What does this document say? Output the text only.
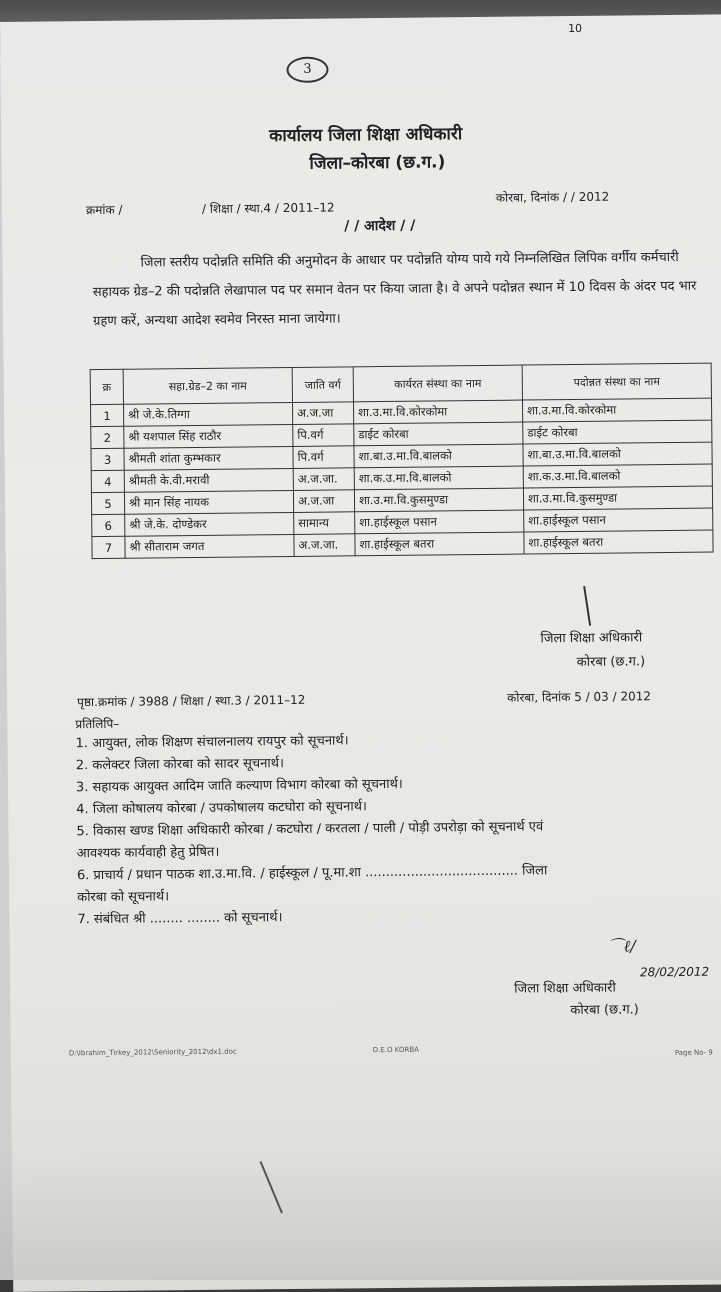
10
3
कार्यालय जिला शिक्षा अधिकारी
जिला–कोरबा (छ.ग.)
क्रमांक /	/ शिक्षा / स्था.4 / 2011–12
कोरबा, दिनांक / / 2012
/ / आदेश / /
जिला स्तरीय पदोन्नति समिति की अनुमोदन के आधार पर पदोन्नति योग्य पाये गये निम्नलिखित लिपिक वर्गीय कर्मचारी सहायक ग्रेड–2 की पदोन्नति लेखापाल पद पर समान वेतन पर किया जाता है। वे अपने पदोन्नत स्थान में 10 दिवस के अंदर पद भार ग्रहण करें, अन्यथा आदेश स्वमेव निरस्त माना जायेगा।
क्र	सहा.ग्रेड–2 का नाम	जाति वर्ग	कार्यरत संस्था का नाम	पदोन्नत संस्था का नाम
1	श्री जे.के.तिग्गा	अ.ज.जा	शा.उ.मा.वि.कोरकोमा	शा.उ.मा.वि.कोरकोमा
2	श्री यशपाल सिंह राठौर	पि.वर्ग	डाईट कोरबा	डाईट कोरबा
3	श्रीमती शांता कुम्भकार	पि.वर्ग	शा.बा.उ.मा.वि.बालको	शा.बा.उ.मा.वि.बालको
4	श्रीमती के.वी.मरावी	अ.ज.जा.	शा.क.उ.मा.वि.बालको	शा.क.उ.मा.वि.बालको
5	श्री मान सिंह नायक	अ.ज.जा	शा.उ.मा.वि.कुसमुण्डा	शा.उ.मा.वि.कुसमुण्डा
6	श्री जे.के. दोण्डेकर	सामान्य	शा.हाईस्कूल पसान	शा.हाईस्कूल पसान
7	श्री सीताराम जगत	अ.ज.जा.	शा.हाईस्कूल बतरा	शा.हाईस्कूल बतरा
जिला शिक्षा अधिकारी
कोरबा (छ.ग.)
पृष्ठा.क्रमांक / 3988 / शिक्षा / स्था.3 / 2011–12	कोरबा, दिनांक 5 / 03 / 2012
प्रतिलिपि–
1. आयुक्त, लोक शिक्षण संचालनालय रायपुर को सूचनार्थ।
2. कलेक्टर जिला कोरबा को सादर सूचनार्थ।
3. सहायक आयुक्त आदिम जाति कल्याण विभाग कोरबा को सूचनार्थ।
4. जिला कोषालय कोरबा / उपकोषालय कटघोरा को सूचनार्थ।
5. विकास खण्ड शिक्षा अधिकारी कोरबा / कटघोरा / करतला / पाली / पोड़ी उपरोड़ा को सूचनार्थ एवं
आवश्यक कार्यवाही हेतु प्रेषित।
6. प्राचार्य / प्रधान पाठक शा.उ.मा.वि. / हाईस्कूल / पू.मा.शा ..................................... जिला
कोरबा को सूचनार्थ।
7. संबंधित श्री ........ ........ को सूचनार्थ।
⌒ℓ∕
28/02/2012
जिला शिक्षा अधिकारी
कोरबा (छ.ग.)
D:\Ibrahim_Tirkey_2012\Seniority_2012\dx1.doc	D.E.O KORBA	Page No- 9
